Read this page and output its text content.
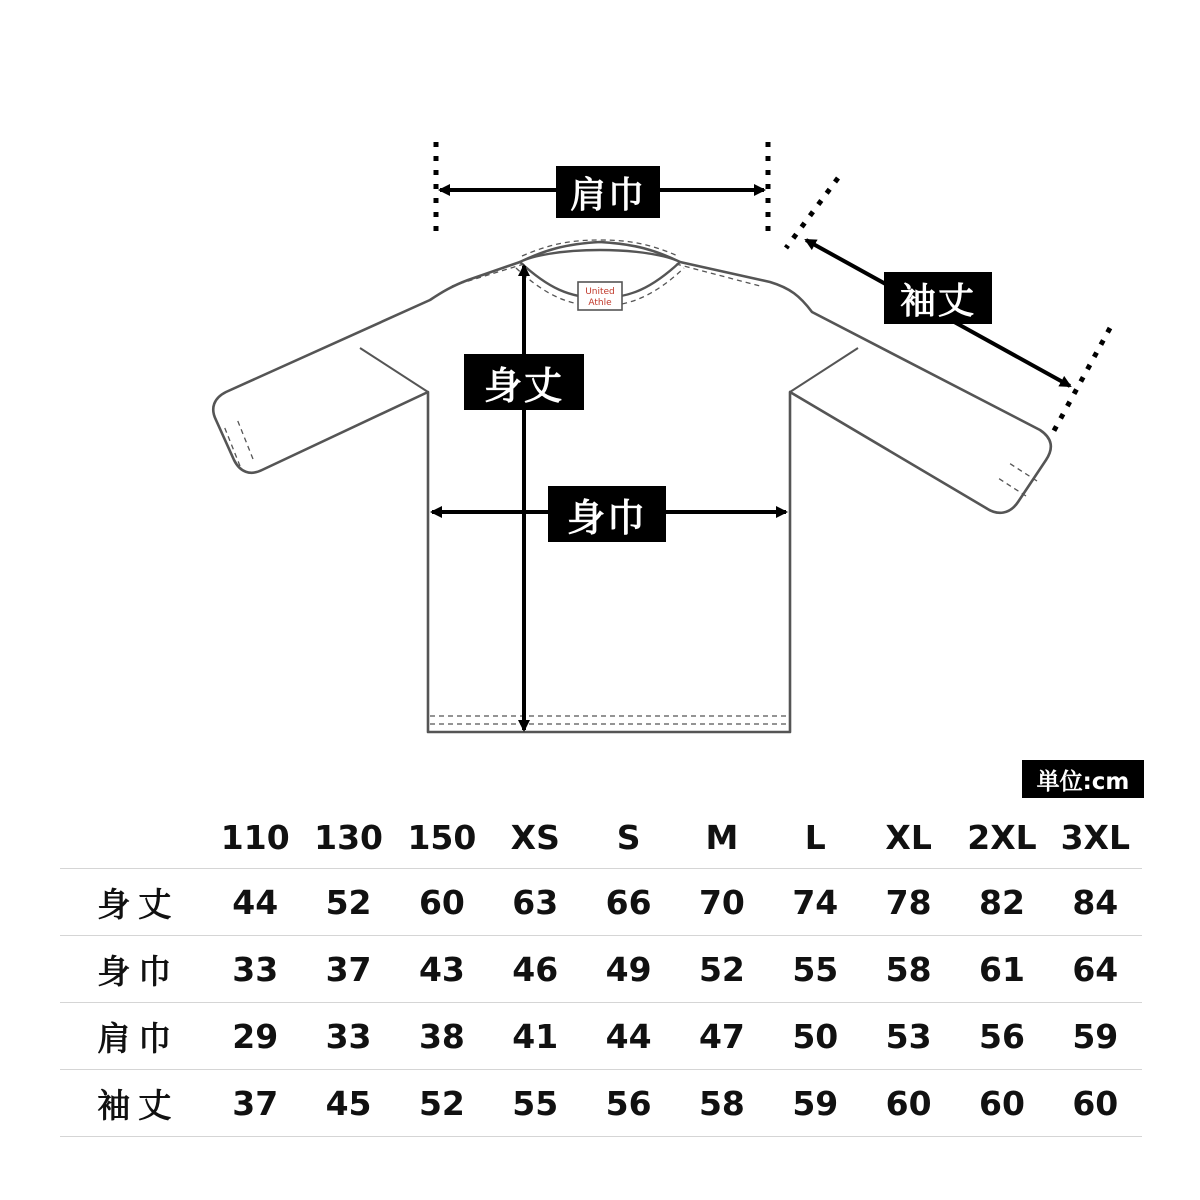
United
Athle
肩巾
袖丈
身丈
身巾
単位:cm
	110	130	150	XS	S	M	L	XL	2XL	3XL
身丈	44	52	60	63	66	70	74	78	82	84
身巾	33	37	43	46	49	52	55	58	61	64
肩巾	29	33	38	41	44	47	50	53	56	59
袖丈	37	45	52	55	56	58	59	60	60	60
